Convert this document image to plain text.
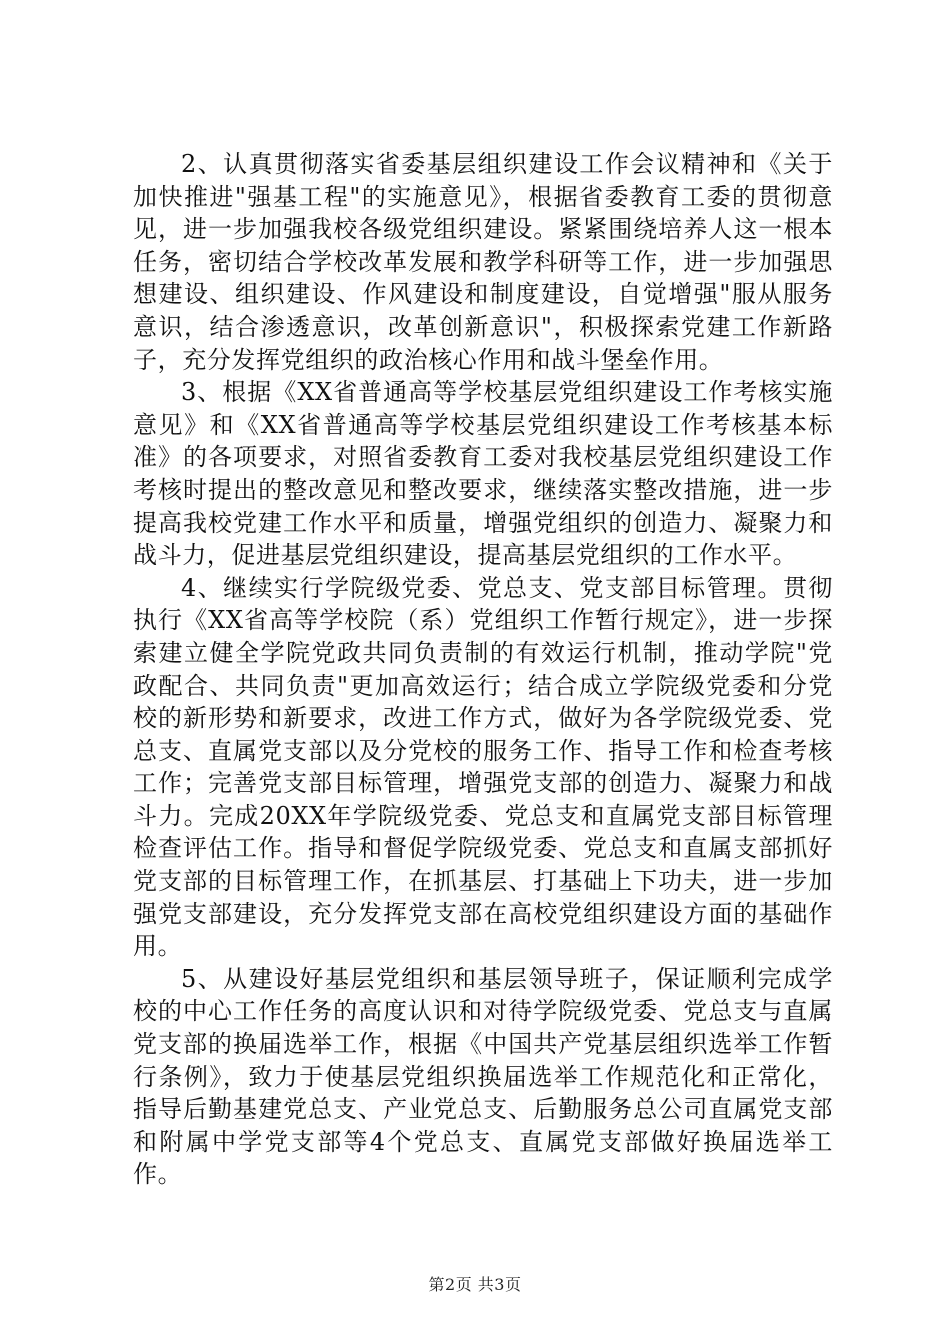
2、认真贯彻落实省委基层组织建设工作会议精神和《关于加快推进"强基工程"的实施意见》，根据省委教育工委的贯彻意见，进一步加强我校各级党组织建设。紧紧围绕培养人这一根本任务，密切结合学校改革发展和教学科研等工作，进一步加强思想建设、组织建设、作风建设和制度建设，自觉增强"服从服务意识，结合渗透意识，改革创新意识"，积极探索党建工作新路子，充分发挥党组织的政治核心作用和战斗堡垒作用。

3、根据《XX省普通高等学校基层党组织建设工作考核实施意见》和《XX省普通高等学校基层党组织建设工作考核基本标准》的各项要求，对照省委教育工委对我校基层党组织建设工作考核时提出的整改意见和整改要求，继续落实整改措施，进一步提高我校党建工作水平和质量，增强党组织的创造力、凝聚力和战斗力，促进基层党组织建设，提高基层党组织的工作水平。

4、继续实行学院级党委、党总支、党支部目标管理。贯彻执行《XX省高等学校院（系）党组织工作暂行规定》，进一步探索建立健全学院党政共同负责制的有效运行机制，推动学院"党政配合、共同负责"更加高效运行；结合成立学院级党委和分党校的新形势和新要求，改进工作方式，做好为各学院级党委、党总支、直属党支部以及分党校的服务工作、指导工作和检查考核工作；完善党支部目标管理，增强党支部的创造力、凝聚力和战斗力。完成20XX年学院级党委、党总支和直属党支部目标管理检查评估工作。指导和督促学院级党委、党总支和直属支部抓好党支部的目标管理工作，在抓基层、打基础上下功夫，进一步加强党支部建设，充分发挥党支部在高校党组织建设方面的基础作用。

5、从建设好基层党组织和基层领导班子，保证顺利完成学校的中心工作任务的高度认识和对待学院级党委、党总支与直属党支部的换届选举工作，根据《中国共产党基层组织选举工作暂行条例》，致力于使基层党组织换届选举工作规范化和正常化，指导后勤基建党总支、产业党总支、后勤服务总公司直属党支部和附属中学党支部等4个党总支、直属党支部做好换届选举工作。

第2页 共3页
